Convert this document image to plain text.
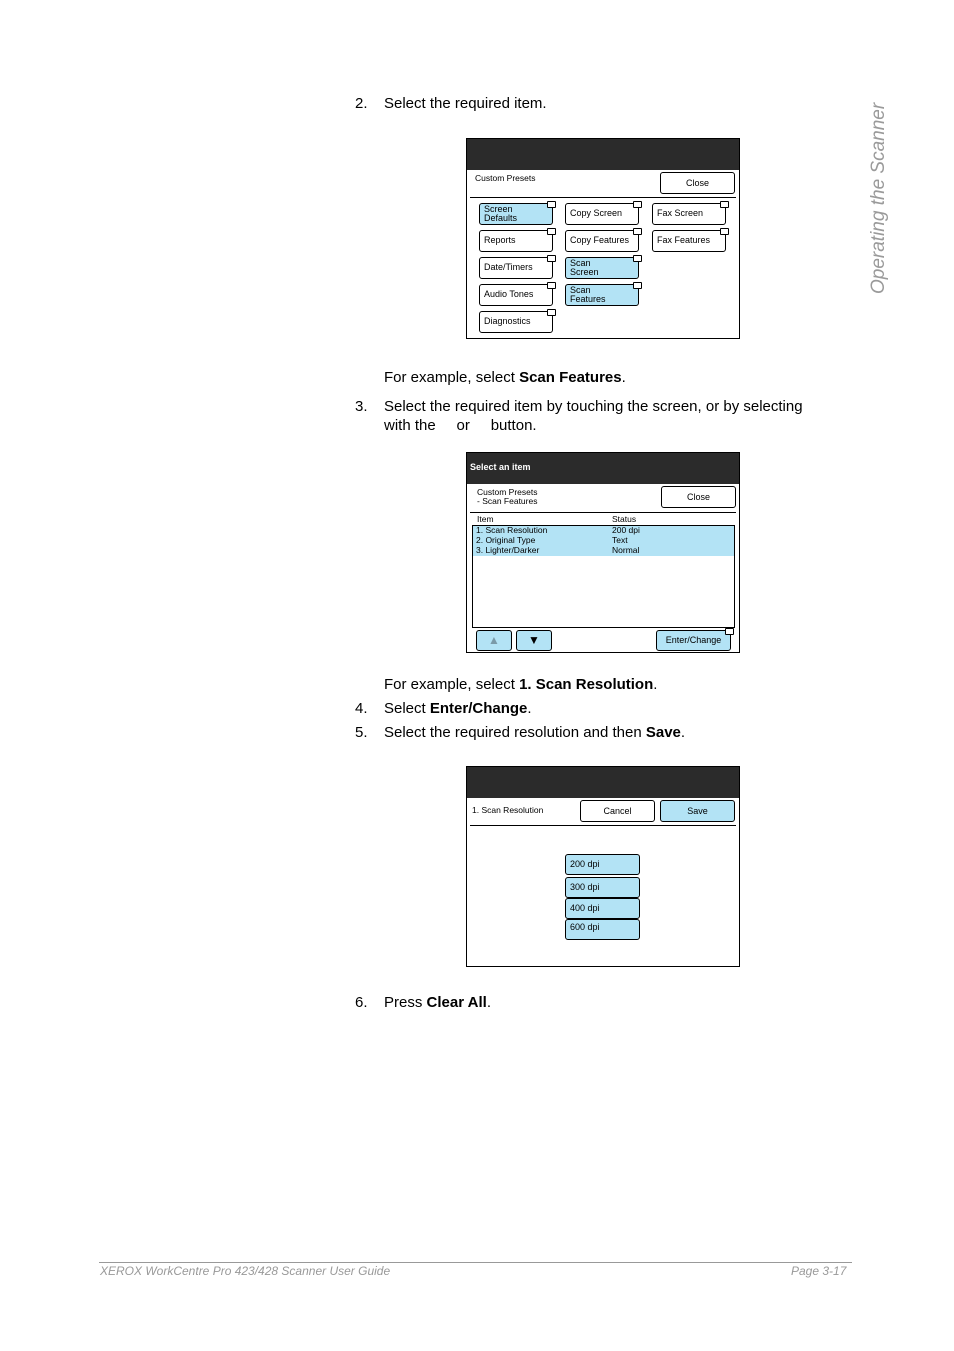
Operating the Scanner
2. Select the required item.
Custom Presets	Close
Screen
Defaults
Reports
Date/Timers
Audio Tones
Diagnostics
Copy Screen
Copy Features
Scan
Screen
Scan
Features
Fax Screen
Fax Features
For example, select Scan Features.
3. Select the required item by touching the screen, or by selecting
with the     or     button.
Select an item
Custom Presets
- Scan Features	Close
Item	Status
1. Scan Resolution	200 dpi
2. Original Type	Text
3. Lighter/Darker	Normal
▲ ▼	Enter/Change
For example, select 1. Scan Resolution.
4. Select Enter/Change.
5. Select the required resolution and then Save.
1. Scan Resolution	Cancel	Save
200 dpi
300 dpi
400 dpi
600 dpi
6. Press Clear All.
XEROX WorkCentre Pro 423/428 Scanner User Guide	Page 3-17
